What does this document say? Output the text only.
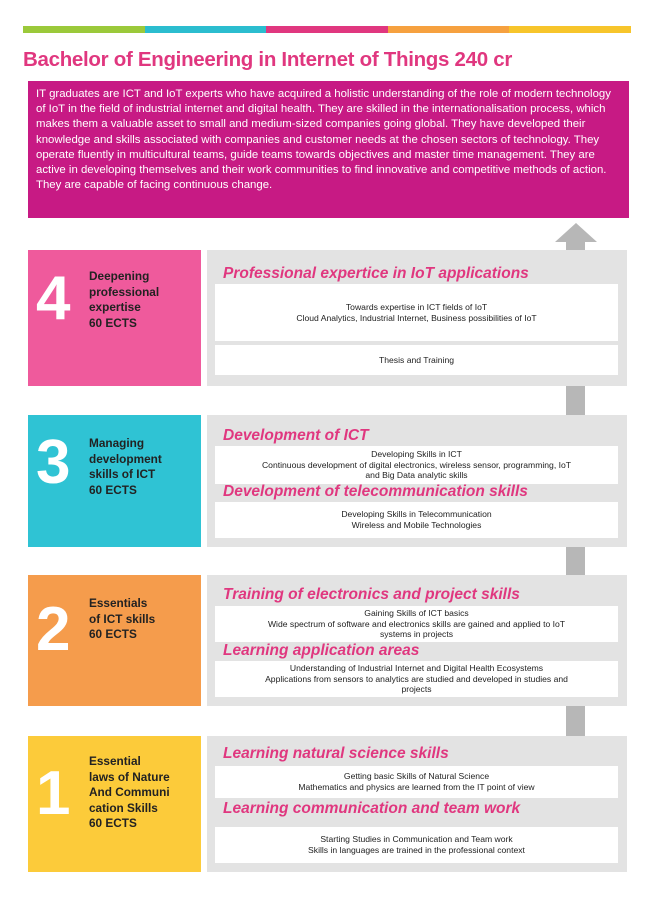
Bachelor of Engineering in Internet of Things 240 cr
IT graduates are ICT and IoT experts who have acquired a holistic understanding of the role of modern technology of IoT in the field of industrial internet and digital health. They are skilled in the internationalisation process, which makes them a valuable asset to small and medium-sized companies going global. They have developed their knowledge and skills associated with companies and customer needs at the chosen sectors of technology. They operate fluently in multicultural teams, guide teams towards objectives and master time management. They are active in developing themselves and their work communities to find innovative and competitive methods of action. They are capable of facing continuous change.
4 Deepening
professional
expertise
60 ECTS
Professional expertice in IoT applications
Towards expertise in ICT fields of IoT
Cloud Analytics, Industrial Internet, Business possibilities of IoT
Thesis and Training
3 Managing
development
skills of ICT
60 ECTS
Development of ICT
Developing Skills in ICT
Continuous development of digital electronics, wireless sensor, programming, IoT
and Big Data analytic skills
Development of telecommunication skills
Developing Skills in Telecommunication
Wireless and Mobile Technologies
2 Essentials
of ICT skills
60 ECTS
Training of electronics and project skills
Gaining Skills of ICT basics
Wide spectrum of software and electronics skills are gained and applied to IoT
systems in projects
Learning application areas
Understanding of Industrial Internet and Digital Health Ecosystems
Applications from sensors to analytics are studied and developed in studies and
projects
1 Essential
laws of Nature
And Communi
cation Skills
60 ECTS
Learning natural science skills
Getting basic Skills of Natural Science
Mathematics and physics are learned from the IT point of view
Learning communication and team work
Starting Studies in Communication and Team work
Skills in languages are trained in the professional context
